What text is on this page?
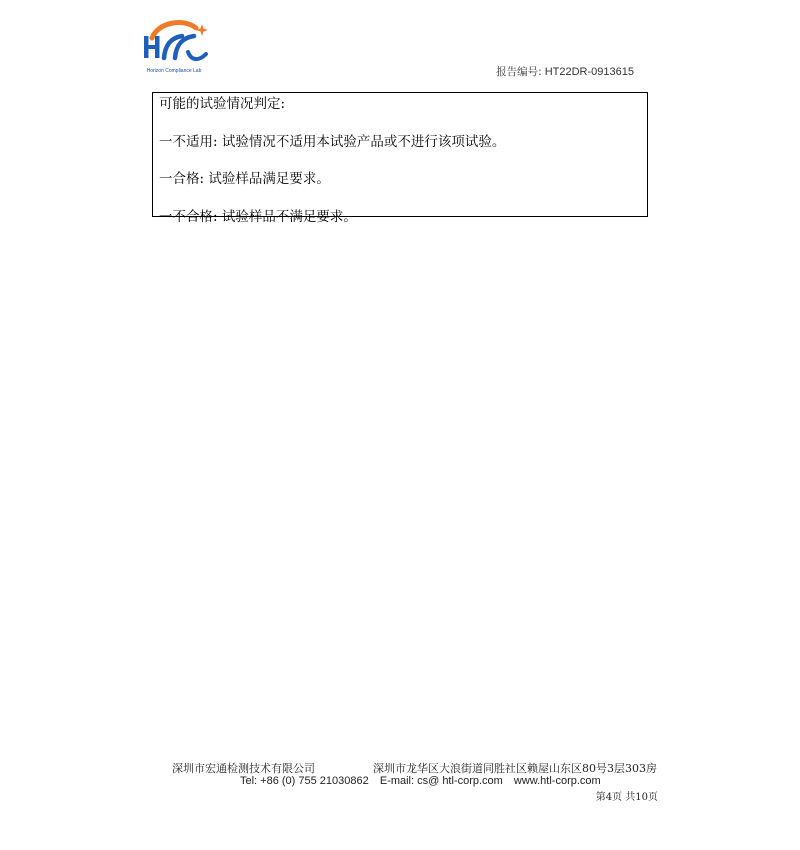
Horizon Compliance Lab	报告编号: HT22DR-0913615

可能的试验情况判定:

一不适用: 试验情况不适用本试验产品或不进行该项试验。

一合格: 试验样品满足要求。

一不合格: 试验样品不满足要求。

深圳市宏通检测技术有限公司	深圳市龙华区大浪街道同胜社区赖屋山东区80号3层303房
Tel: +86 (0) 755 21030862 E-mail: cs@ htl-corp.com www.htl-corp.com
第4页 共10页
